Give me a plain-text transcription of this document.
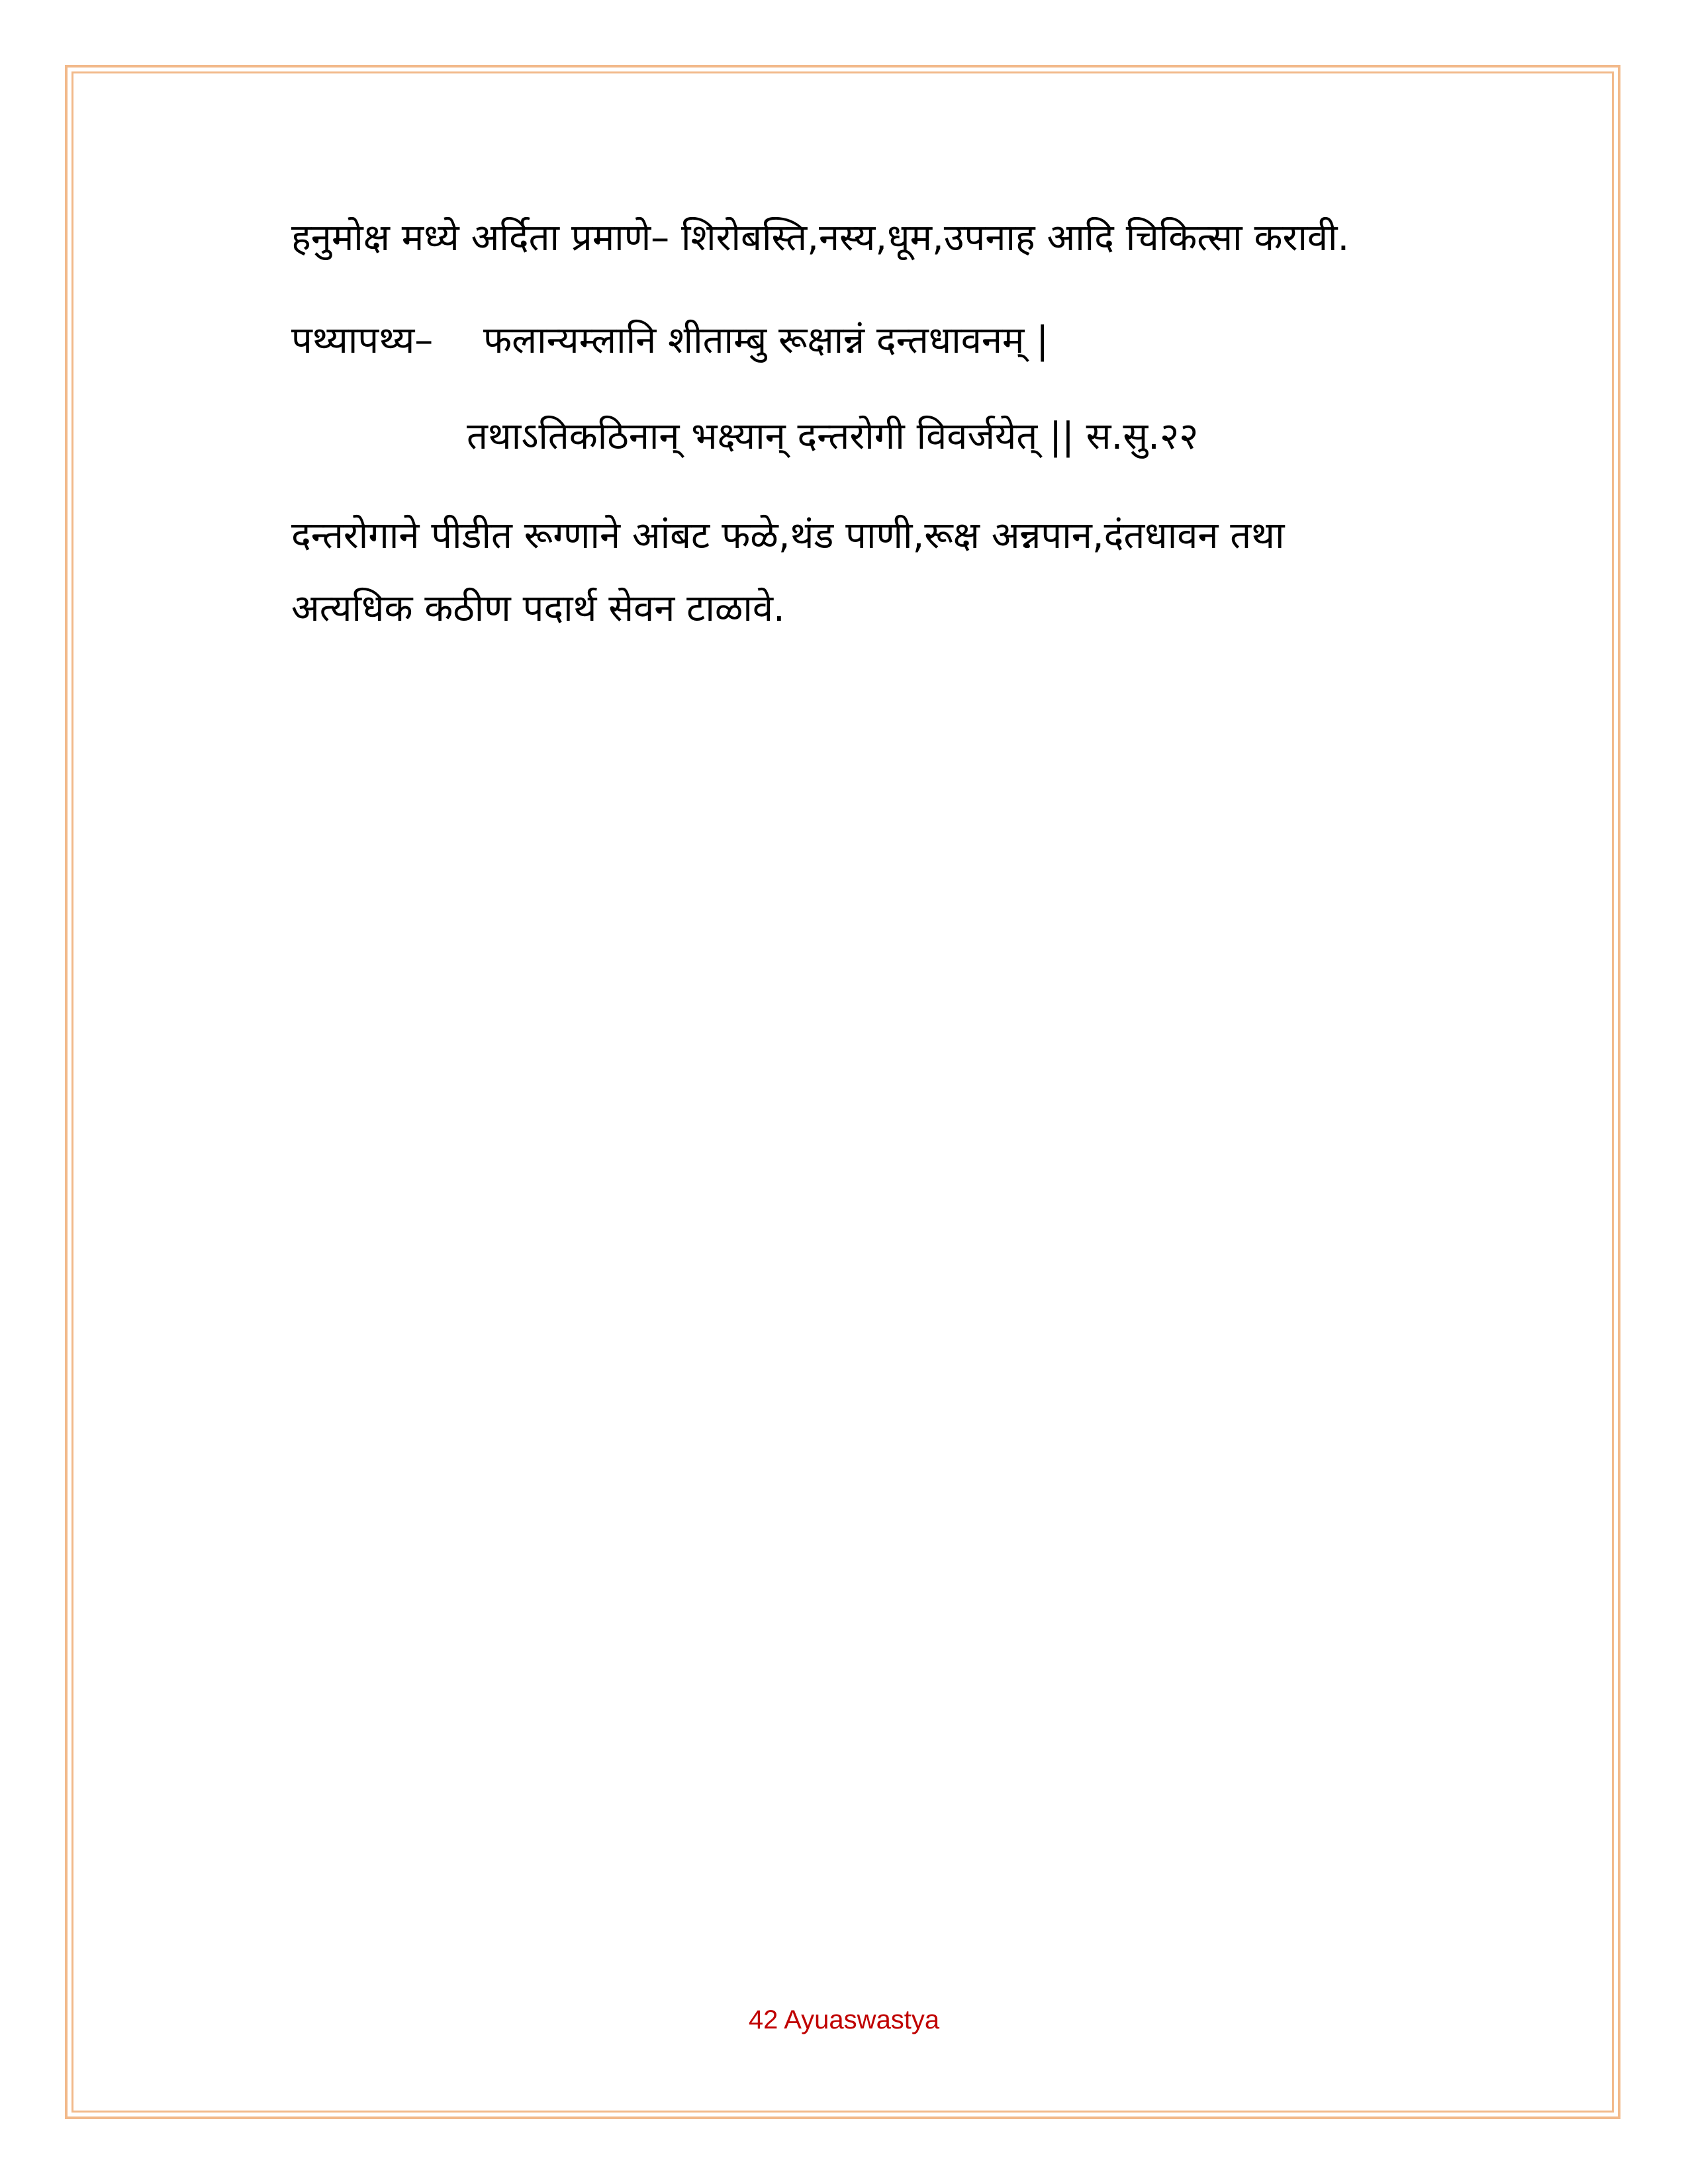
हनुमोक्ष मध्ये अर्दिता प्रमाणे– शिरोबस्ति,नस्य,धूम,उपनाह आदि चिकित्सा करावी.

पथ्यापथ्य– फलान्यम्लानि शीताम्बु रूक्षान्नं दन्तधावनम् |

तथाऽतिकठिनान् भक्ष्यान् दन्तरोगी विवर्जयेत् || स.सु.२२

दन्तरोगाने पीडीत रूग्णाने आंबट फळे,थंड पाणी,रूक्ष अन्नपान,दंतधावन तथा

अत्यधिक कठीण पदार्थ सेवन टाळावे.

42 Ayuaswastya
